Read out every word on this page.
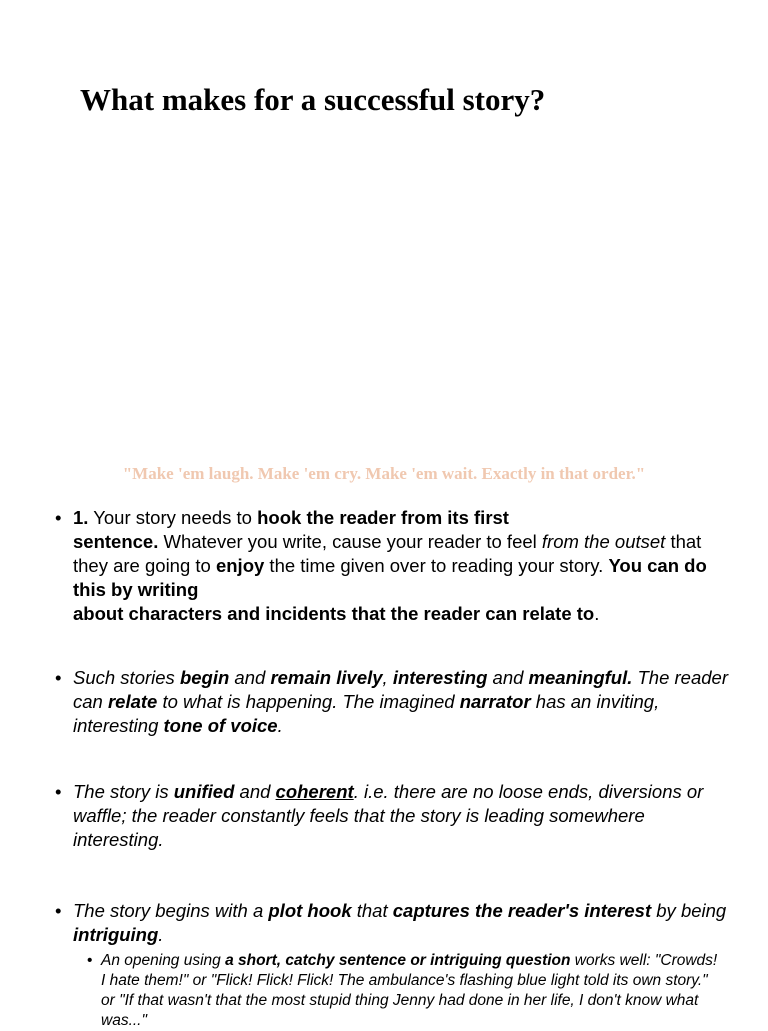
What makes for a successful story?

"Make 'em laugh. Make 'em cry. Make 'em wait. Exactly in that order."

• 1. Your story needs to hook the reader from its first
sentence. Whatever you write, cause your reader to feel from the outset that they are going to enjoy the time given over to reading your story. You can do this by writing
about characters and incidents that the reader can relate to.
• Such stories begin and remain lively, interesting and meaningful. The reader can relate to what is happening. The imagined narrator has an inviting, interesting tone of voice.
• The story is unified and coherent. i.e. there are no loose ends, diversions or waffle; the reader constantly feels that the story is leading somewhere interesting.
• The story begins with a plot hook that captures the reader's interest by being intriguing.
• An opening using a short, catchy sentence or intriguing question works well: "Crowds! I hate them!" or "Flick! Flick! Flick! The ambulance's flashing blue light told its own story." or "If that wasn't that the most stupid thing Jenny had done in her life, I don't know what was..."
